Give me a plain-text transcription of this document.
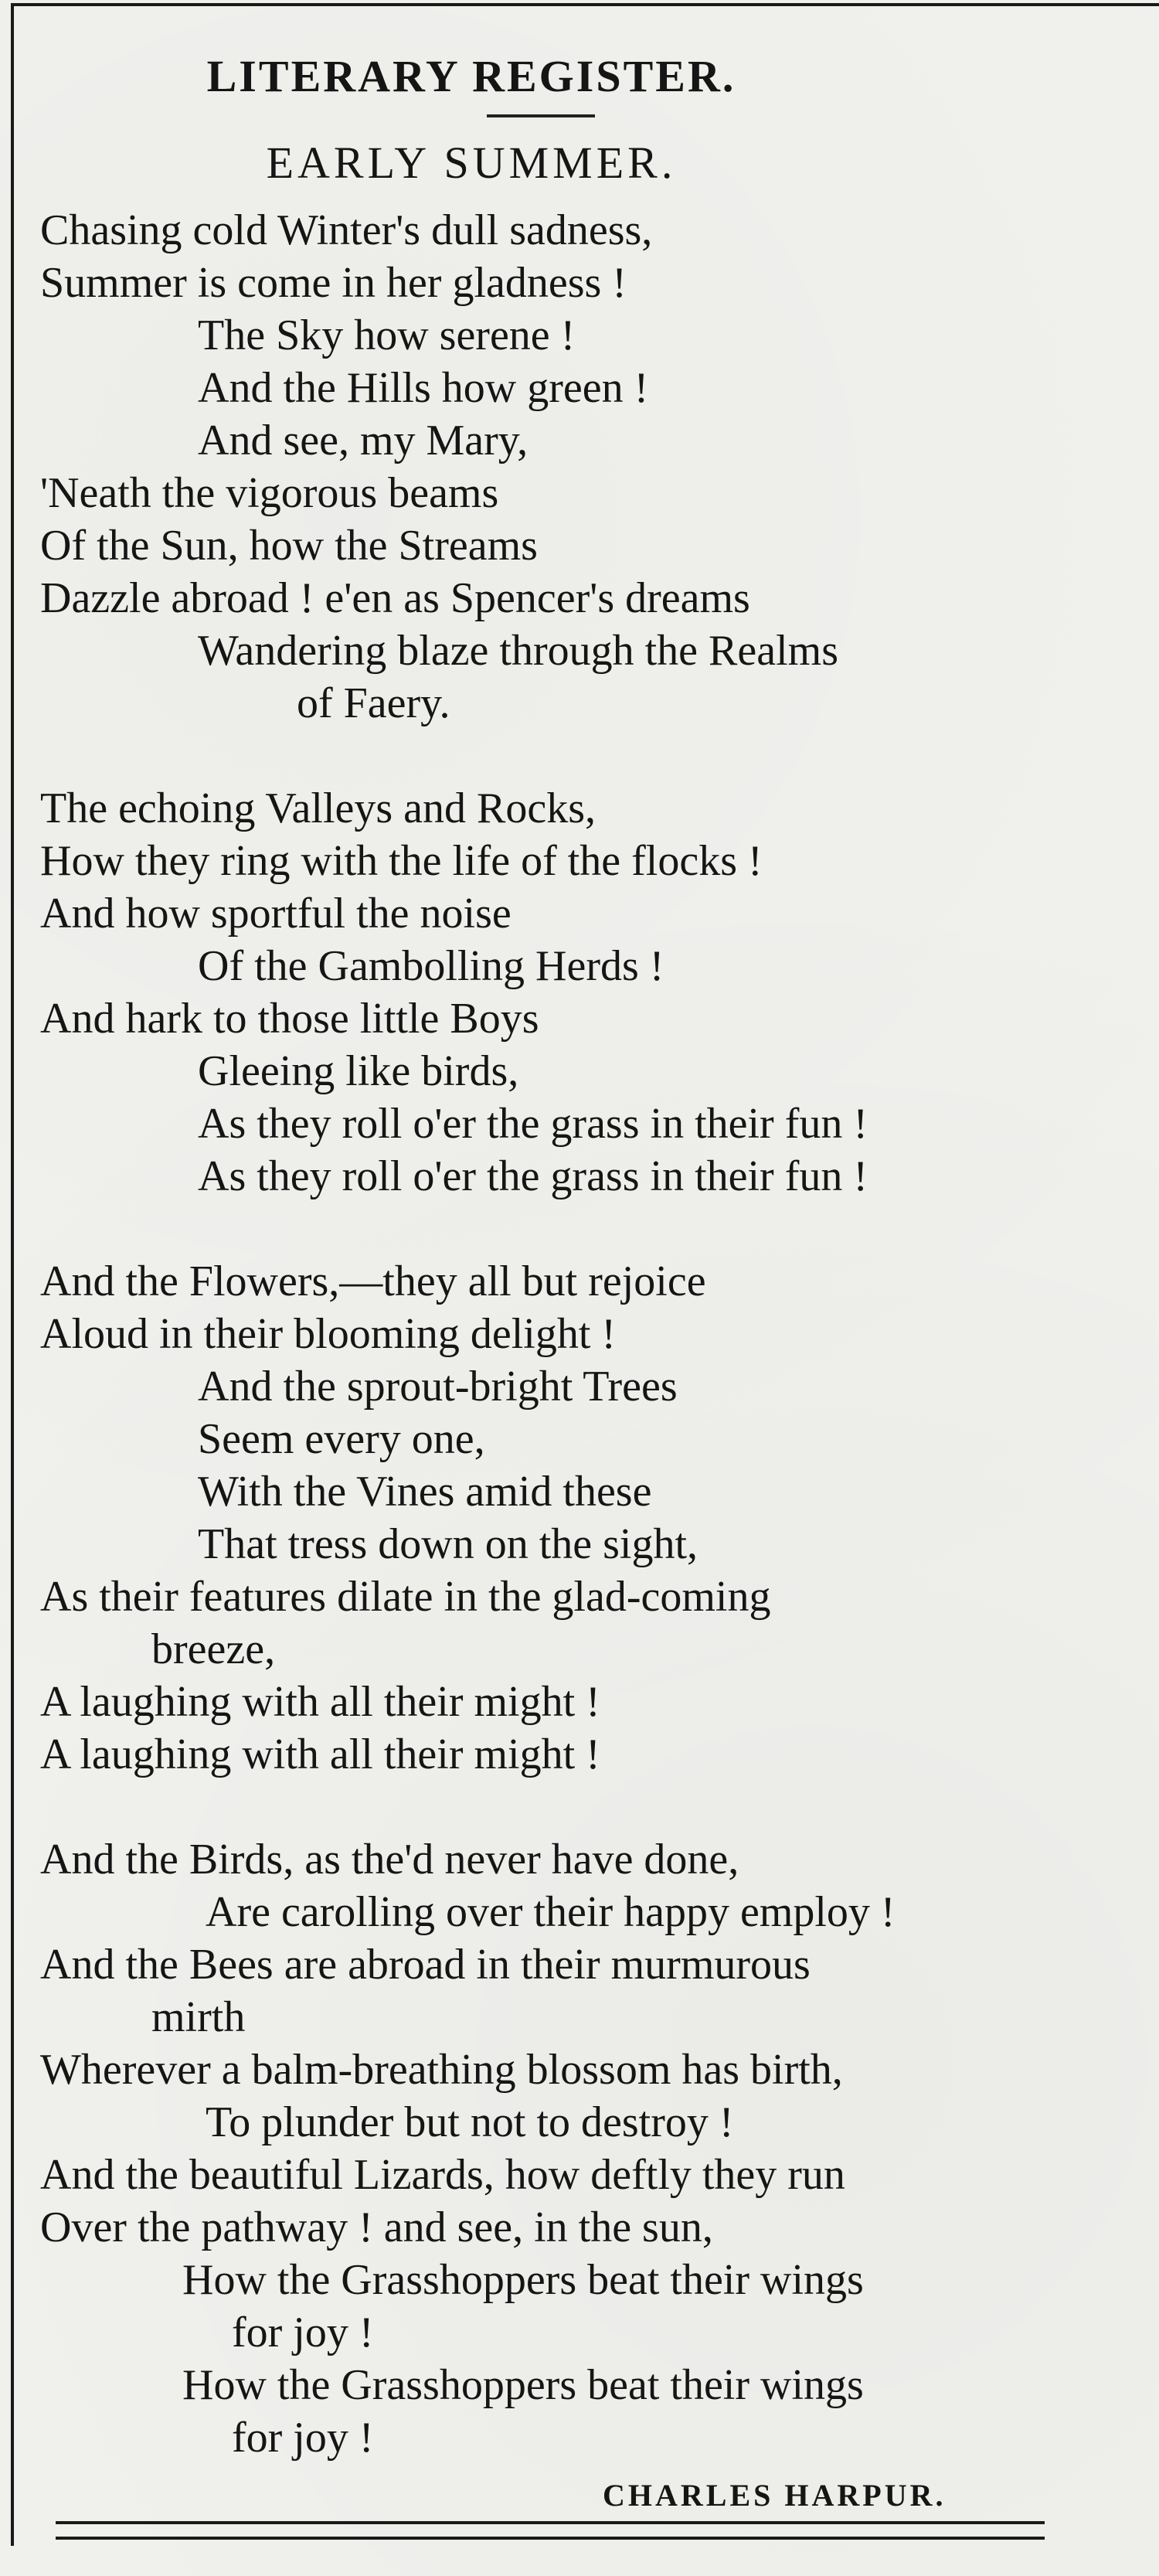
LITERARY REGISTER.
EARLY SUMMER.
Chasing cold Winter's dull sadness,
Summer is come in her gladness !
The Sky how serene !
And the Hills how green !
And see, my Mary,
'Neath the vigorous beams
Of the Sun, how the Streams
Dazzle abroad ! e'en as Spencer's dreams
Wandering blaze through the Realms
of Faery.
The echoing Valleys and Rocks,
How they ring with the life of the flocks !
And how sportful the noise
Of the Gambolling Herds !
And hark to those little Boys
Gleeing like birds,
As they roll o'er the grass in their fun !
As they roll o'er the grass in their fun !
And the Flowers,—they all but rejoice
Aloud in their blooming delight !
And the sprout-bright Trees
Seem every one,
With the Vines amid these
That tress down on the sight,
As their features dilate in the glad-coming
breeze,
A laughing with all their might !
A laughing with all their might !
And the Birds, as the'd never have done,
Are carolling over their happy employ !
And the Bees are abroad in their murmurous
mirth
Wherever a balm-breathing blossom has birth,
To plunder but not to destroy !
And the beautiful Lizards, how deftly they run
Over the pathway ! and see, in the sun,
How the Grasshoppers beat their wings
for joy !
How the Grasshoppers beat their wings
for joy !
CHARLES HARPUR.
